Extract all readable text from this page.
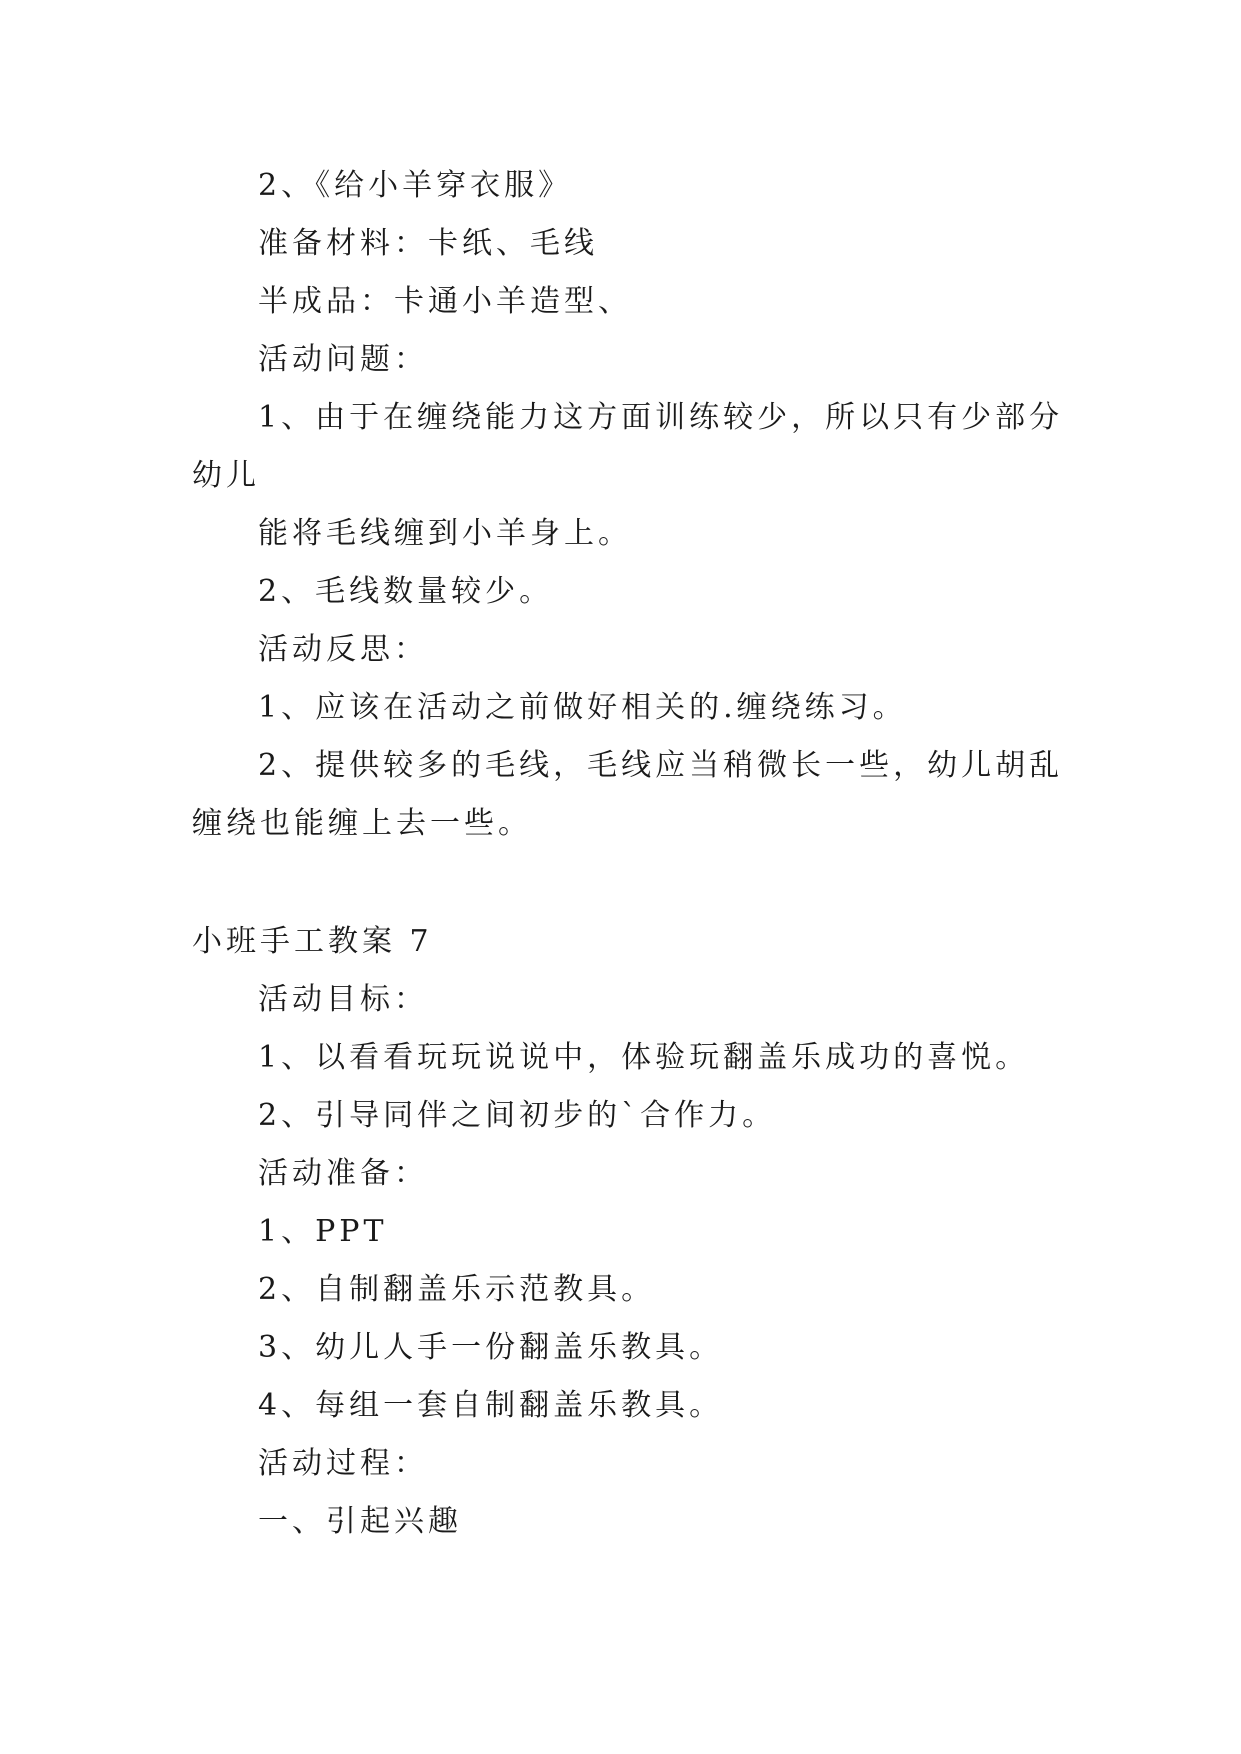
2、《给小羊穿衣服》
准备材料：卡纸、毛线
半成品：卡通小羊造型、
活动问题：
1、由于在缠绕能力这方面训练较少，所以只有少部分
幼儿
能将毛线缠到小羊身上。
2、毛线数量较少。
活动反思：
1、应该在活动之前做好相关的.缠绕练习。
2、提供较多的毛线，毛线应当稍微长一些，幼儿胡乱
缠绕也能缠上去一些。
小班手工教案 7
活动目标：
1、以看看玩玩说说中，体验玩翻盖乐成功的喜悦。
2、引导同伴之间初步的`合作力。
活动准备：
1、PPT
2、自制翻盖乐示范教具。
3、幼儿人手一份翻盖乐教具。
4、每组一套自制翻盖乐教具。
活动过程：
一、引起兴趣
